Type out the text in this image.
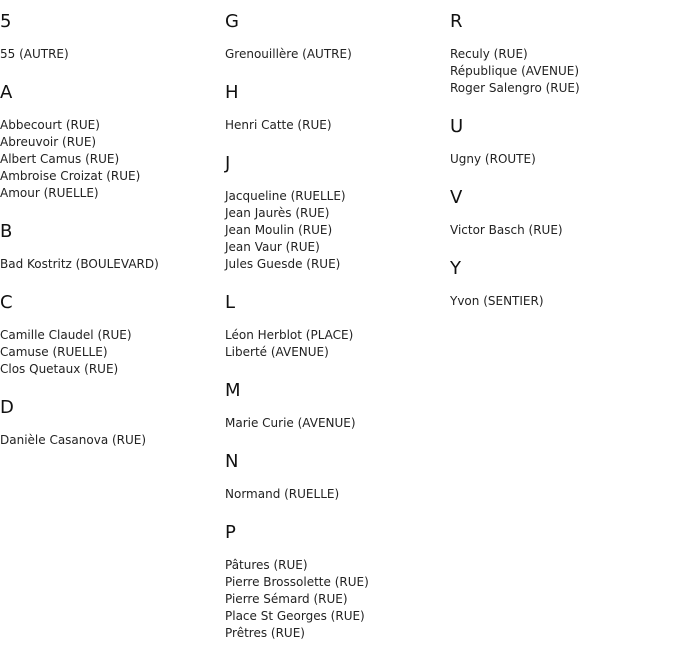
5
55 (AUTRE)
A
Abbecourt (RUE)
Abreuvoir (RUE)
Albert Camus (RUE)
Ambroise Croizat (RUE)
Amour (RUELLE)
B
Bad Kostritz (BOULEVARD)
C
Camille Claudel (RUE)
Camuse (RUELLE)
Clos Quetaux (RUE)
D
Danièle Casanova (RUE)
G
Grenouillère (AUTRE)
H
Henri Catte (RUE)
J
Jacqueline (RUELLE)
Jean Jaurès (RUE)
Jean Moulin (RUE)
Jean Vaur (RUE)
Jules Guesde (RUE)
L
Léon Herblot (PLACE)
Liberté (AVENUE)
M
Marie Curie (AVENUE)
N
Normand (RUELLE)
P
Pâtures (RUE)
Pierre Brossolette (RUE)
Pierre Sémard (RUE)
Place St Georges (RUE)
Prêtres (RUE)
R
Reculy (RUE)
République (AVENUE)
Roger Salengro (RUE)
U
Ugny (ROUTE)
V
Victor Basch (RUE)
Y
Yvon (SENTIER)
